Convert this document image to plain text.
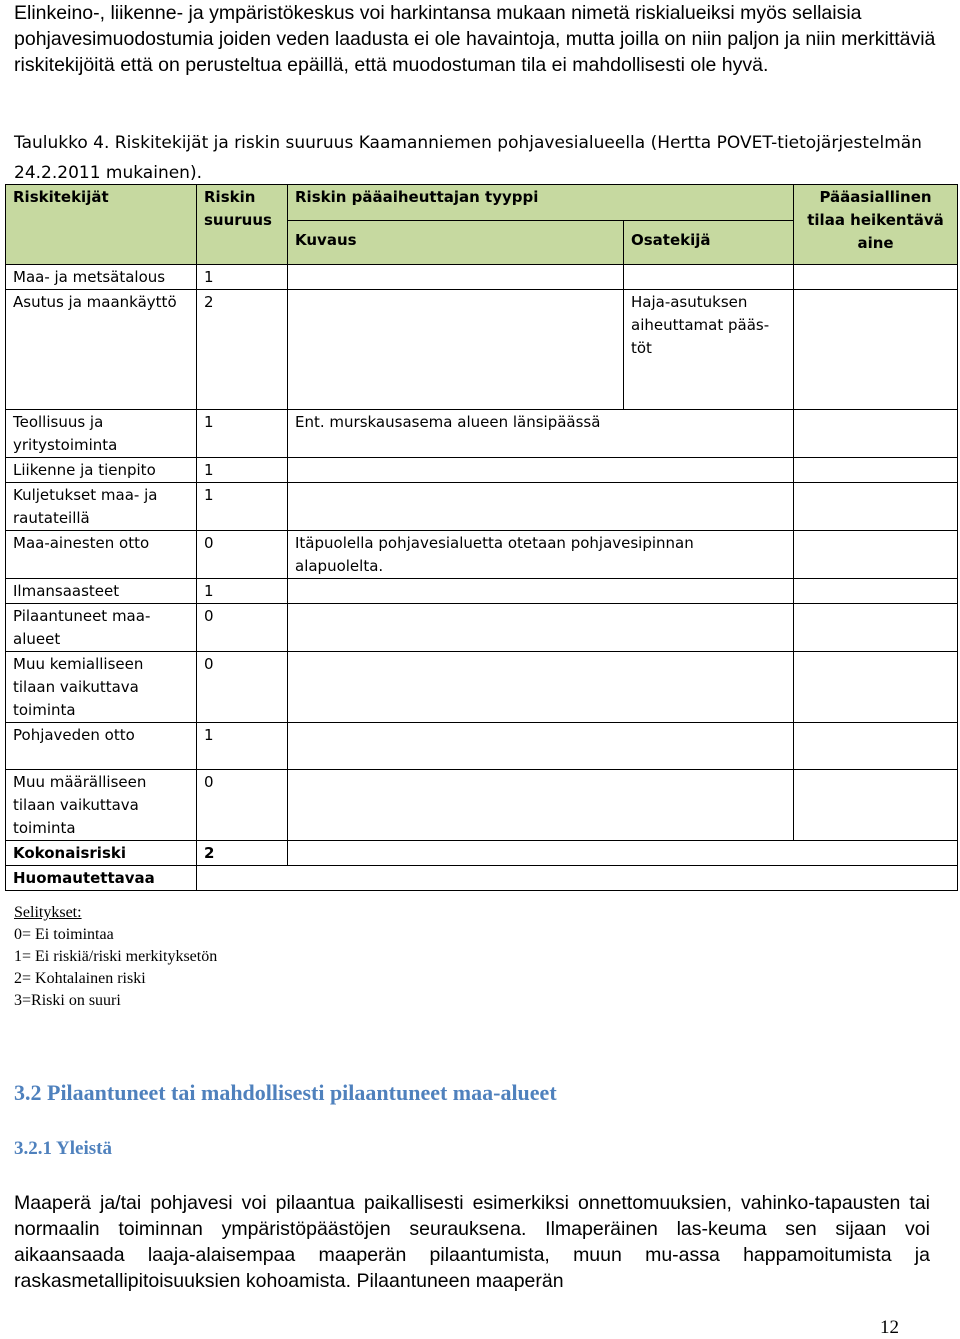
Elinkeino-, liikenne- ja ympäristökeskus voi harkintansa mukaan nimetä riskialueiksi myös sellaisia pohjavesimuodostumia joiden veden laadusta ei ole havaintoja, mutta joilla on niin paljon ja niin merkittäviä riskitekijöitä että on perusteltua epäillä, että muodostuman tila ei mahdollisesti ole hyvä.
Taulukko 4. Riskitekijät ja riskin suuruus Kaamanniemen pohjavesialueella (Hertta POVET-tietojärjestelmän 24.2.2011 mukainen).
Riskitekijät	Riskin suuruus	Riskin pääaiheuttajan tyyppi		Pääasiallinen tilaa heikentävä aine
		Kuvaus	Osatekijä	
Maa- ja metsätalous	1			
Asutus ja maankäyttö	2		Haja-asutuksen aiheuttamat pääs-töt	
Teollisuus ja yritystoiminta	1	Ent. murskausasema alueen länsipäässä		
Liikenne ja tienpito	1			
Kuljetukset maa- ja rautateillä	1			
Maa-ainesten otto	0	Itäpuolella pohjavesialuetta otetaan pohjavesipinnan alapuolelta.		
Ilmansaasteet	1			
Pilaantuneet maa-alueet	0			
Muu kemialliseen tilaan vaikuttava toiminta	0			
Pohjaveden otto	1			
Muu määrälliseen tilaan vaikuttava toiminta	0			
Kokonaisriski	2			
Huomautettavaa				
Selitykset:
0= Ei toimintaa
1= Ei riskiä/riski merkityksetön
2= Kohtalainen riski
3=Riski on suuri
3.2 Pilaantuneet tai mahdollisesti pilaantuneet maa-alueet
3.2.1 Yleistä

Maaperä ja/tai pohjavesi voi pilaantua paikallisesti esimerkiksi onnettomuuksien, vahinko-tapausten tai normaalin toiminnan ympäristöpäästöjen seurauksena. Ilmaperäinen las-keuma sen sijaan voi aikaansaada laaja-alaisempaa maaperän pilaantumista, muun mu-assa happamoitumista ja raskasmetallipitoisuuksien kohoamista. Pilaantuneen maaperän

12
